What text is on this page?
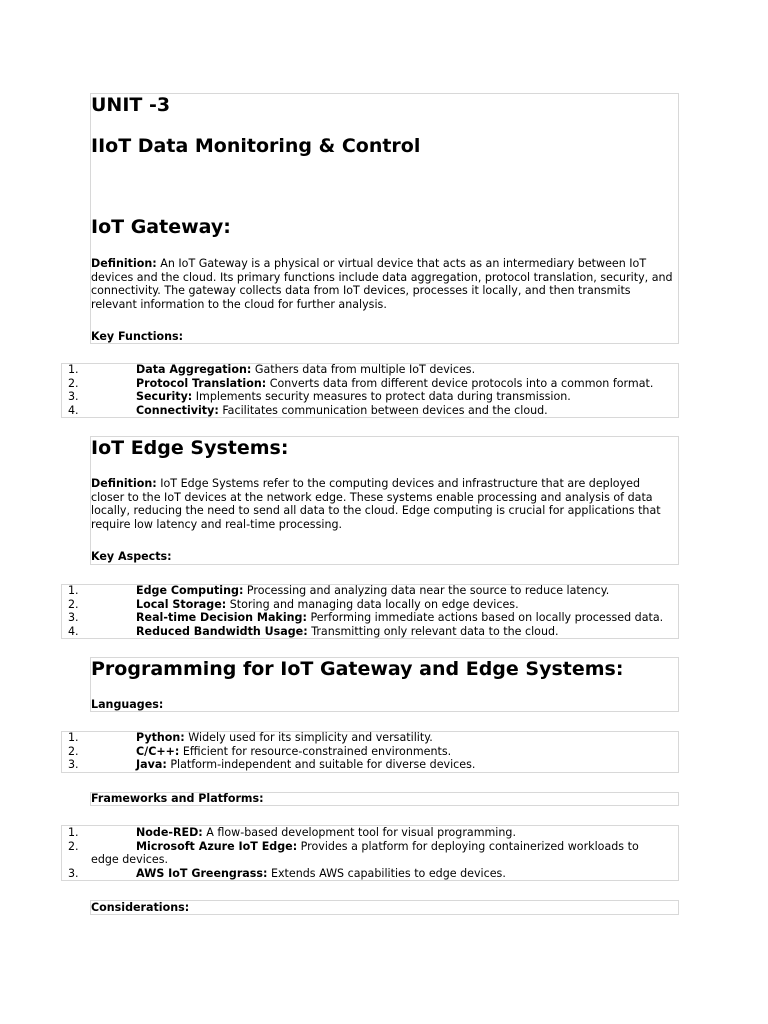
UNIT -3
IIoT Data Monitoring & Control
IoT Gateway:
Definition: An IoT Gateway is a physical or virtual device that acts as an intermediary between IoT devices and the cloud. Its primary functions include data aggregation, protocol translation, security, and connectivity. The gateway collects data from IoT devices, processes it locally, and then transmits relevant information to the cloud for further analysis.
Key Functions:
1.	Data Aggregation: Gathers data from multiple IoT devices.
2.	Protocol Translation: Converts data from different device protocols into a common format.
3.	Security: Implements security measures to protect data during transmission.
4.	Connectivity: Facilitates communication between devices and the cloud.
IoT Edge Systems:
Definition: IoT Edge Systems refer to the computing devices and infrastructure that are deployed closer to the IoT devices at the network edge. These systems enable processing and analysis of data locally, reducing the need to send all data to the cloud. Edge computing is crucial for applications that require low latency and real-time processing.
Key Aspects:
1.	Edge Computing: Processing and analyzing data near the source to reduce latency.
2.	Local Storage: Storing and managing data locally on edge devices.
3.	Real-time Decision Making: Performing immediate actions based on locally processed data.
4.	Reduced Bandwidth Usage: Transmitting only relevant data to the cloud.
Programming for IoT Gateway and Edge Systems:
Languages:
1.	Python: Widely used for its simplicity and versatility.
2.	C/C++: Efficient for resource-constrained environments.
3.	Java: Platform-independent and suitable for diverse devices.
Frameworks and Platforms:
1.	Node-RED: A flow-based development tool for visual programming.
2.	Microsoft Azure IoT Edge: Provides a platform for deploying containerized workloads to
edge devices.
3.	AWS IoT Greengrass: Extends AWS capabilities to edge devices.
Considerations:
